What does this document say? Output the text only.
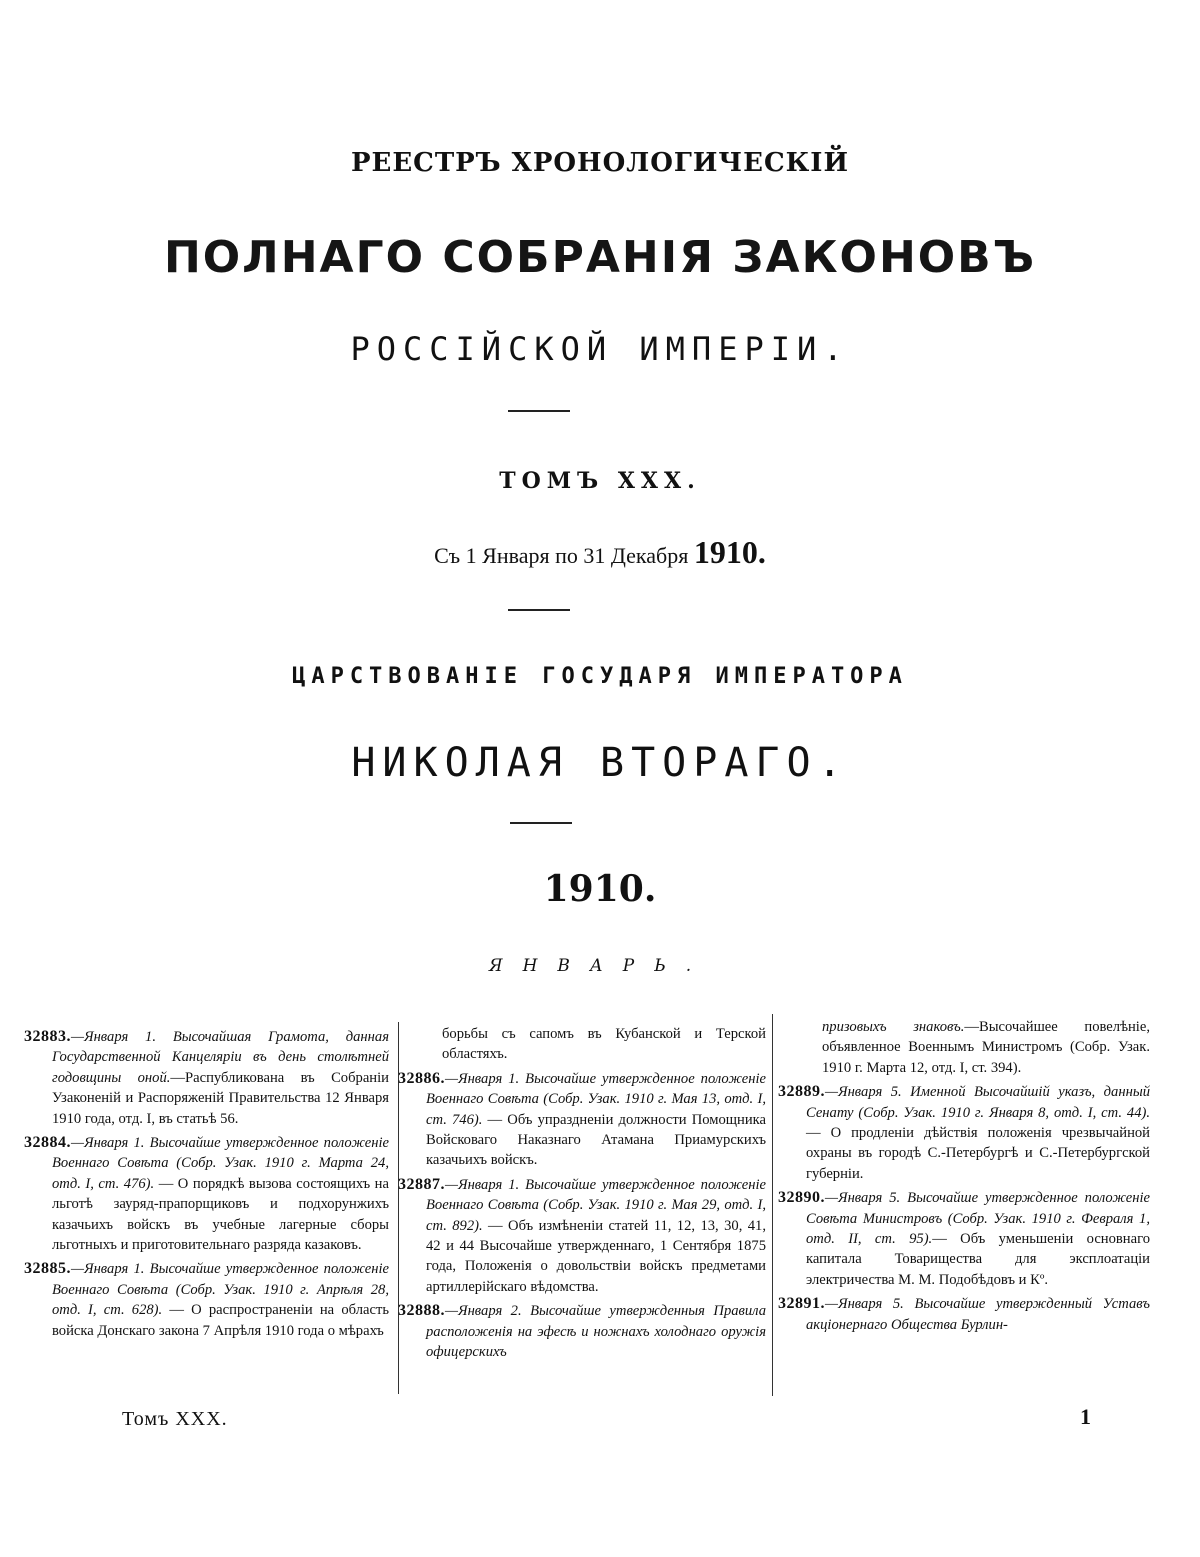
РЕЕСТРЪ ХРОНОЛОГИЧЕСКІЙ
ПОЛНАГО СОБРАНІЯ ЗАКОНОВЪ
РОССІЙСКОЙ ИМПЕРІИ.
ТОМЪ XXX.
Съ 1 Января по 31 Декабря 1910.
ЦАРСТВОВАНІЕ ГОСУДАРЯ ИМПЕРАТОРА
НИКОЛАЯ ВТОРАГО.
1910.
ЯНВАРЬ.

32883.—Января 1. Высочайшая Грамота, данная Государственной Канцеляріи въ день столѣтней годовщины оной.—Распубликована въ Собраніи Узаконеній и Распоряженій Правительства 12 Января 1910 года, отд. І, въ статьѣ 56.

32884.—Января 1. Высочайше утвержденное положеніе Военнаго Совѣта (Собр. Узак. 1910 г. Марта 24, отд. I, ст. 476). — О порядкѣ вызова состоящихъ на льготѣ зауряд-прапорщиковъ и подхорунжихъ казачьихъ войскъ въ учебные лагерные сборы льготныхъ и приготовительнаго разряда казаковъ.

32885.—Января 1. Высочайше утвержденное положеніе Военнаго Совѣта (Собр. Узак. 1910 г. Апрѣля 28, отд. I, ст. 628). — О распространеніи на область войска Донскаго закона 7 Апрѣля 1910 года о мѣрахъ

борьбы съ сапомъ въ Кубанской и Терской областяхъ.

32886.—Января 1. Высочайше утвержденное положеніе Военнаго Совѣта (Собр. Узак. 1910 г. Мая 13, отд. I, ст. 746). — Объ упраздненіи должности Помощника Войсковаго Наказнаго Атамана Приамурскихъ казачьихъ войскъ.

32887.—Января 1. Высочайше утвержденное положеніе Военнаго Совѣта (Собр. Узак. 1910 г. Мая 29, отд. I, ст. 892). — Объ измѣненіи статей 11, 12, 13, 30, 41, 42 и 44 Высочайше утвержденнаго, 1 Сентября 1875 года, Положенія о довольствіи войскъ предметами артиллерійскаго вѣдомства.

32888.—Января 2. Высочайше утвержденныя Правила расположенія на эфесѣ и ножнахъ холоднаго оружія офицерскихъ

призовыхъ знаковъ.—Высочайшее повелѣніе, объявленное Военнымъ Министромъ (Собр. Узак. 1910 г. Марта 12, отд. I, ст. 394).

32889.—Января 5. Именной Высочайшій указъ, данный Сенату (Собр. Узак. 1910 г. Января 8, отд. I, ст. 44). — О продленіи дѣйствія положенія чрезвычайной охраны въ городѣ С.-Петербургѣ и С.-Петербургской губерніи.

32890.—Января 5. Высочайше утвержденное положеніе Совѣта Министровъ (Собр. Узак. 1910 г. Февраля 1, отд. II, ст. 95).— Объ уменьшеніи основнаго капитала Товарищества для эксплоатаціи электричества М. М. Подобѣдовъ и Кº.

32891.—Января 5. Высочайше утвержденный Уставъ акціонернаго Общества Бурлин-

Томъ XXX.	1
